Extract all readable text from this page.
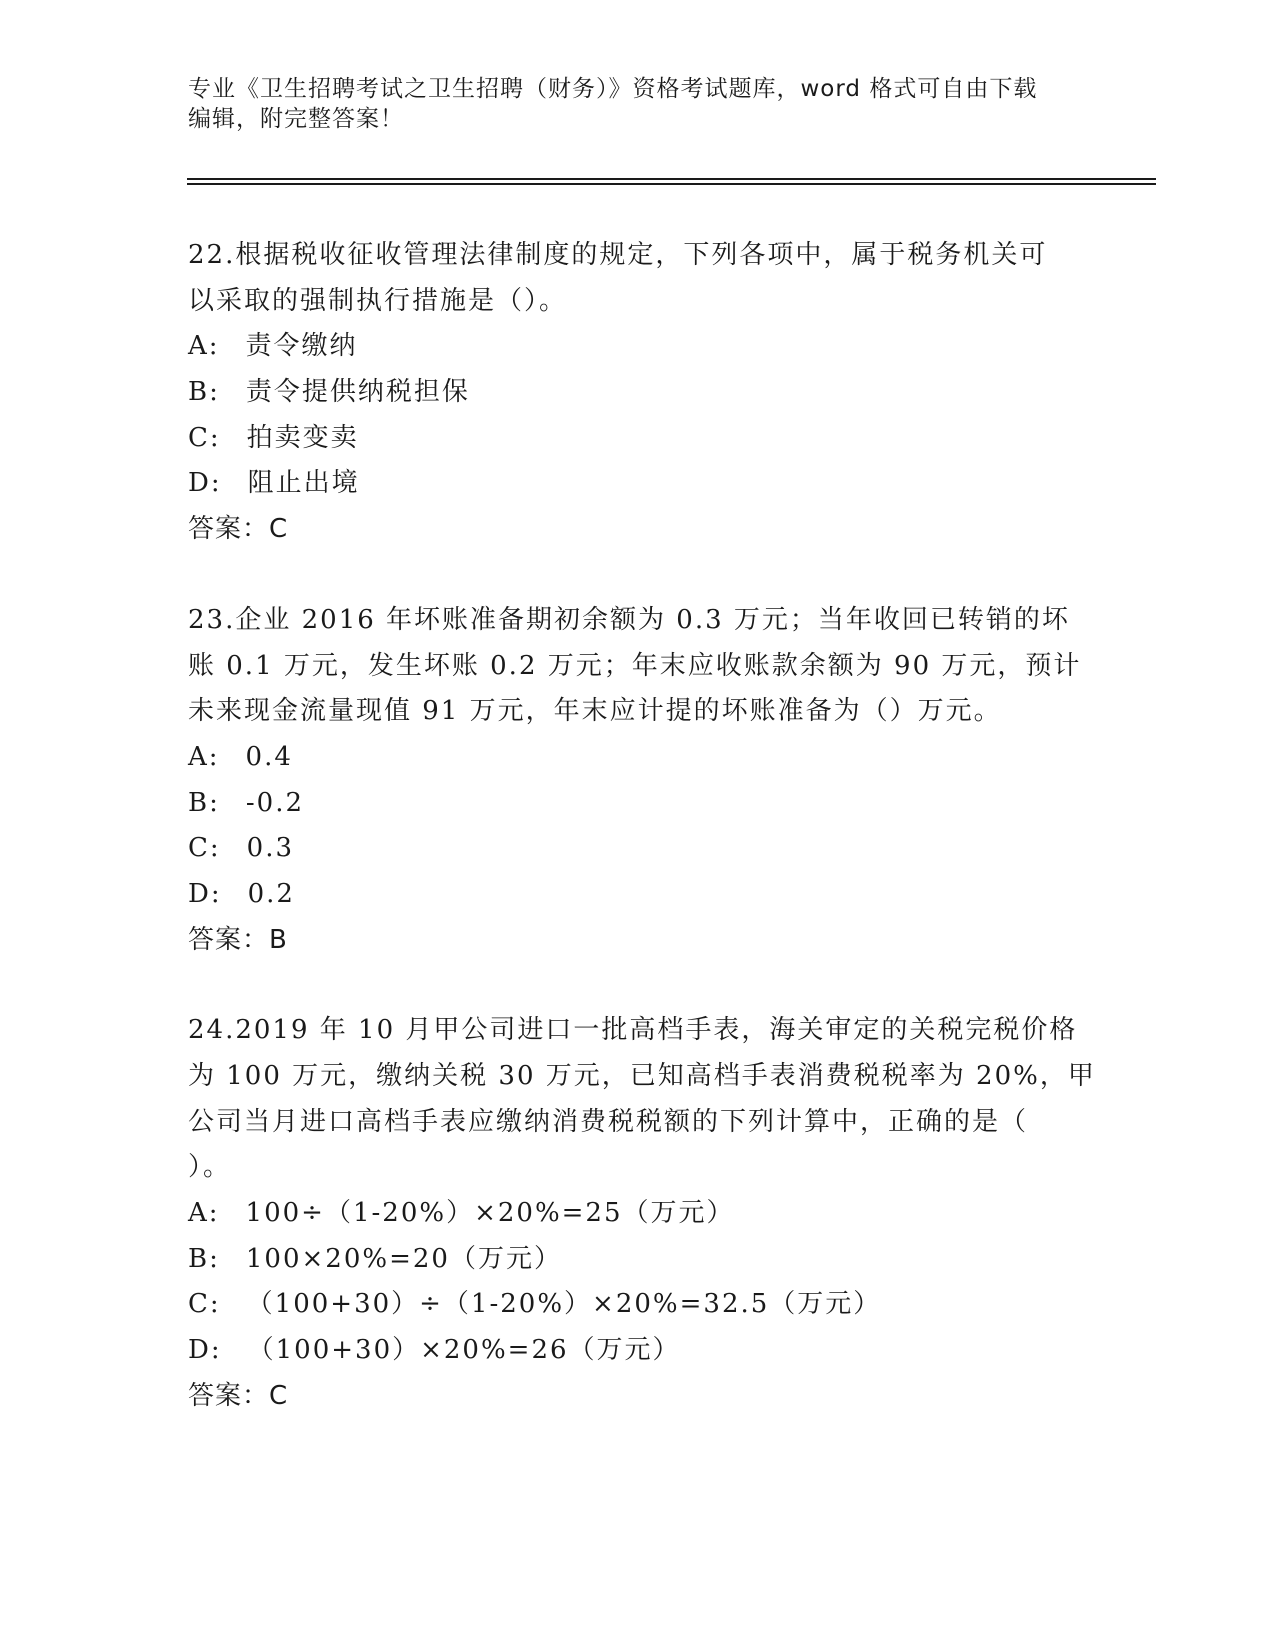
专业《卫生招聘考试之卫生招聘（财务）》资格考试题库，word 格式可自由下载
编辑，附完整答案！
22.根据税收征收管理法律制度的规定，下列各项中，属于税务机关可
以采取的强制执行措施是（）。
A: 责令缴纳
B: 责令提供纳税担保
C: 拍卖变卖
D: 阻止出境
答案：C
23.企业 2016 年坏账准备期初余额为 0.3 万元；当年收回已转销的坏
账 0.1 万元，发生坏账 0.2 万元；年末应收账款余额为 90 万元，预计
未来现金流量现值 91 万元，年末应计提的坏账准备为（）万元。
A: 0.4
B: -0.2
C: 0.3
D: 0.2
答案：B
24.2019 年 10 月甲公司进口一批高档手表，海关审定的关税完税价格
为 100 万元，缴纳关税 30 万元，已知高档手表消费税税率为 20%，甲
公司当月进口高档手表应缴纳消费税税额的下列计算中，正确的是（
）。
A: 100÷（1-20%）×20%=25（万元）
B: 100×20%=20（万元）
C: （100+30）÷（1-20%）×20%=32.5（万元）
D: （100+30）×20%=26（万元）
答案：C
